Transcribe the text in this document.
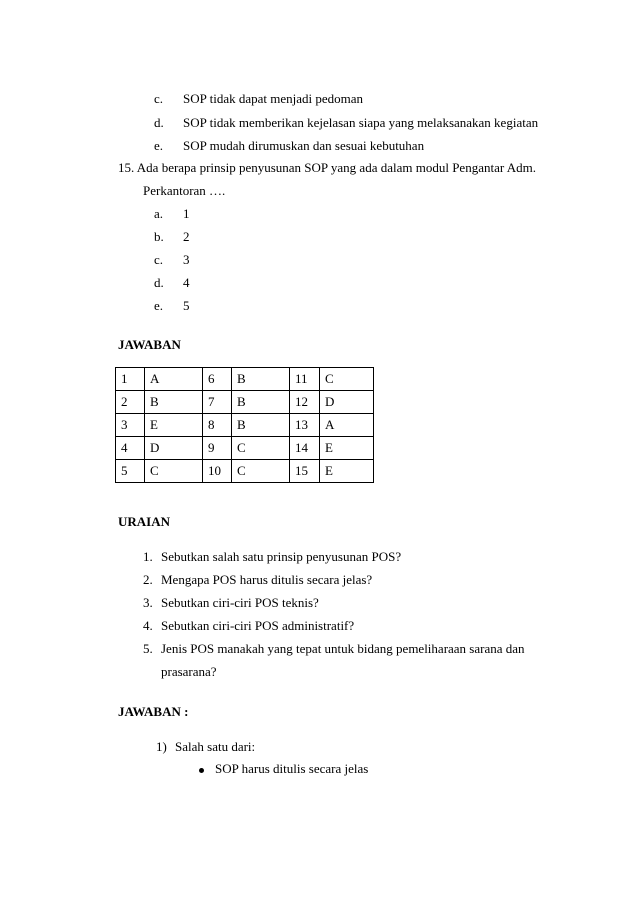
c. SOP tidak dapat menjadi pedoman
d. SOP tidak memberikan kejelasan siapa yang melaksanakan kegiatan
e. SOP mudah dirumuskan dan sesuai kebutuhan
15. Ada berapa prinsip penyusunan SOP yang ada dalam modul Pengantar Adm.
Perkantoran ….
a. 1
b. 2
c. 3
d. 4
e. 5
JAWABAN
1	A	6	B	11	C
2	B	7	B	12	D
3	E	8	B	13	A
4	D	9	C	14	E
5	C	10	C	15	E
URAIAN
1. Sebutkan salah satu prinsip penyusunan POS?
2. Mengapa POS harus ditulis secara jelas?
3. Sebutkan ciri-ciri POS teknis?
4. Sebutkan ciri-ciri POS administratif?
5. Jenis POS manakah yang tepat untuk bidang pemeliharaan sarana dan
prasarana?
JAWABAN :
1) Salah satu dari:
SOP harus ditulis secara jelas
